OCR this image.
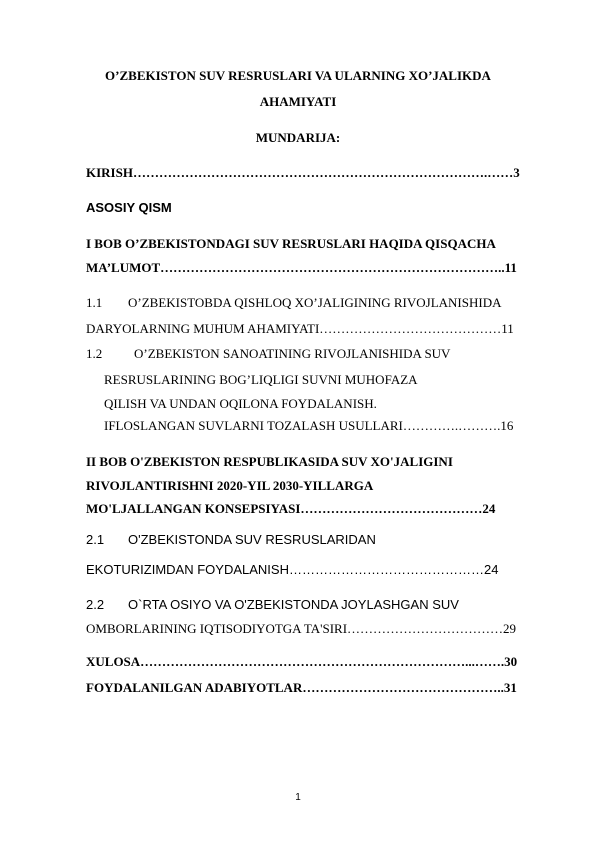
O’ZBEKISTON SUV RESRUSLARI VA ULARNING XO’JALIKDA
AHAMIYATI
MUNDARIJA:
KIRISH……………………………………………………………………….……3
ASOSIY QISM
I BOB O’ZBEKISTONDAGI SUV RESRUSLARI HAQIDA QISQACHA
MA’LUMOT……………………………………………………………………..11
1.1 O’ZBEKISTOBDA QISHLOQ XO’JALIGINING RIVOJLANISHIDA
DARYOLARNING MUHUM AHAMIYATI……………………………………11
1.2 O’ZBEKISTON SANOATINING RIVOJLANISHIDA SUV
RESRUSLARINING BOG’LIQLIGI SUVNI MUHOFAZA
QILISH VA UNDAN OQILONA FOYDALANISH.
IFLOSLANGAN SUVLARNI TOZALASH USULLARI………….……….16
II BOB O'ZBEKISTON RESPUBLIKASIDA SUV XO'JALIGINI
RIVOJLANTIRISHNI 2020-YIL 2030-YILLARGA
MO'LJALLANGAN KONSEPSIYASI……………………………………24
2.1 O'ZBEKISTONDA SUV RESRUSLARIDAN
EKOTURIZIMDAN FOYDALANISH………………………………………24
2.2 O`RTA OSIYO VA O'ZBEKISTONDA JOYLASHGAN SUV
OMBORLARINING IQTISODIYOTGA TA'SIRI………………………………29
XULOSA…………………………………………………………………...…….30
FOYDALANILGAN ADABIYOTLAR………………………………………..31
1
